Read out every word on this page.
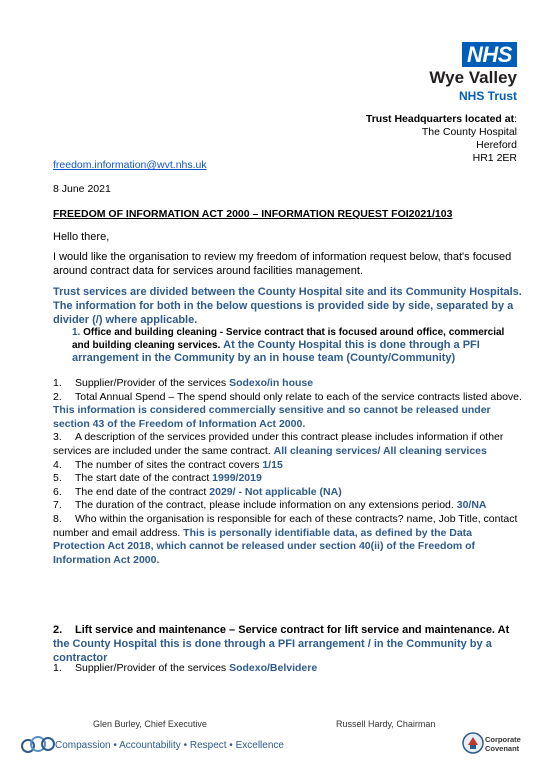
NHS
Wye Valley
NHS Trust
Trust Headquarters located at:
The County Hospital
Hereford
HR1 2ER
freedom.information@wvt.nhs.uk
8 June 2021
FREEDOM OF INFORMATION ACT 2000 – INFORMATION REQUEST FOI2021/103
Hello there,
I would like the organisation to review my freedom of information request below, that's focused around contract data for services around facilities management.
Trust services are divided between the County Hospital site and its Community Hospitals. The information for both in the below questions is provided side by side, separated by a divider (/) where applicable.
1. Office and building cleaning - Service contract that is focused around office, commercial and building cleaning services. At the County Hospital this is done through a PFI arrangement in the Community by an in house team (County/Community)
1. Supplier/Provider of the services Sodexo/in house
2. Total Annual Spend – The spend should only relate to each of the service contracts listed above. This information is considered commercially sensitive and so cannot be released under section 43 of the Freedom of Information Act 2000.
3. A description of the services provided under this contract please includes information if other services are included under the same contract. All cleaning services/ All cleaning services
4. The number of sites the contract covers 1/15
5. The start date of the contract 1999/2019
6. The end date of the contract 2029/ - Not applicable (NA)
7. The duration of the contract, please include information on any extensions period. 30/NA
8. Who within the organisation is responsible for each of these contracts? name, Job Title, contact number and email address. This is personally identifiable data, as defined by the Data Protection Act 2018, which cannot be released under section 40(ii) of the Freedom of Information Act 2000.
2. Lift service and maintenance – Service contract for lift service and maintenance. At the County Hospital this is done through a PFI arrangement / in the Community by a contractor
1. Supplier/Provider of the services Sodexo/Belvidere
Glen Burley, Chief Executive	Russell Hardy, Chairman
Compassion • Accountability • Respect • Excellence
Corporate
Covenant
